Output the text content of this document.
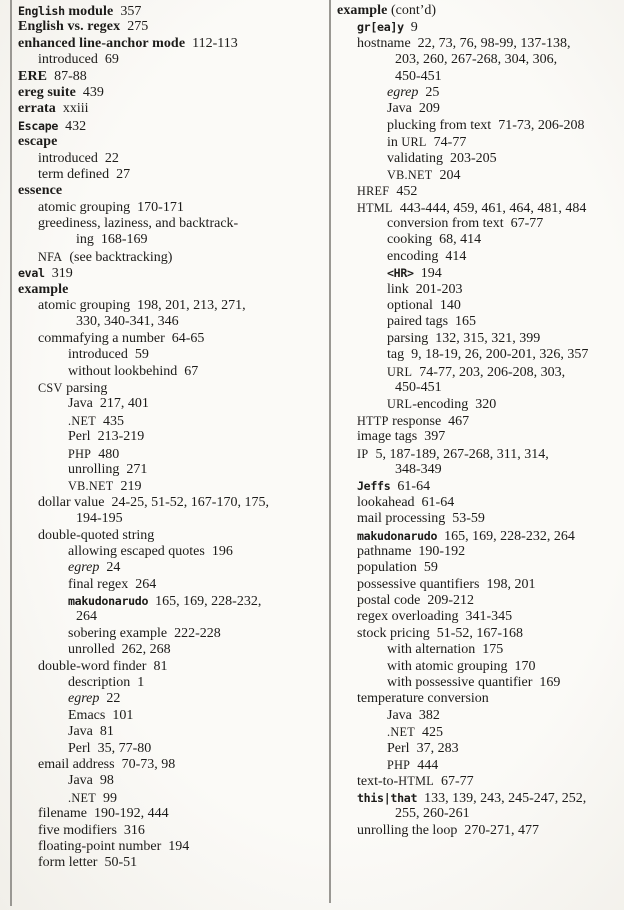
English module 357
English vs. regex 275
enhanced line-anchor mode 112-113
introduced 69
ERE 87-88
ereg suite 439
errata xxiii
Escape 432
escape
introduced 22
term defined 27
essence
atomic grouping 170-171
greediness, laziness, and backtrack-
ing 168-169
NFA (see backtracking)
eval 319
example
atomic grouping 198, 201, 213, 271,
330, 340-341, 346
commafying a number 64-65
introduced 59
without lookbehind 67
CSV parsing
Java 217, 401
.NET 435
Perl 213-219
PHP 480
unrolling 271
VB.NET 219
dollar value 24-25, 51-52, 167-170, 175,
194-195
double-quoted string
allowing escaped quotes 196
egrep 24
final regex 264
makudonarudo 165, 169, 228-232,
264
sobering example 222-228
unrolled 262, 268
double-word finder 81
description 1
egrep 22
Emacs 101
Java 81
Perl 35, 77-80
email address 70-73, 98
Java 98
.NET 99
filename 190-192, 444
five modifiers 316
floating-point number 194
form letter 50-51
example (cont’d)
gr[ea]y 9
hostname 22, 73, 76, 98-99, 137-138,
203, 260, 267-268, 304, 306,
450-451
egrep 25
Java 209
plucking from text 71-73, 206-208
in URL 74-77
validating 203-205
VB.NET 204
HREF 452
HTML 443-444, 459, 461, 464, 481, 484
conversion from text 67-77
cooking 68, 414
encoding 414
<HR> 194
link 201-203
optional 140
paired tags 165
parsing 132, 315, 321, 399
tag 9, 18-19, 26, 200-201, 326, 357
URL 74-77, 203, 206-208, 303,
450-451
URL-encoding 320
HTTP response 467
image tags 397
IP 5, 187-189, 267-268, 311, 314,
348-349
Jeffs 61-64
lookahead 61-64
mail processing 53-59
makudonarudo 165, 169, 228-232, 264
pathname 190-192
population 59
possessive quantifiers 198, 201
postal code 209-212
regex overloading 341-345
stock pricing 51-52, 167-168
with alternation 175
with atomic grouping 170
with possessive quantifier 169
temperature conversion
Java 382
.NET 425
Perl 37, 283
PHP 444
text-to-HTML 67-77
this|that 133, 139, 243, 245-247, 252,
255, 260-261
unrolling the loop 270-271, 477
